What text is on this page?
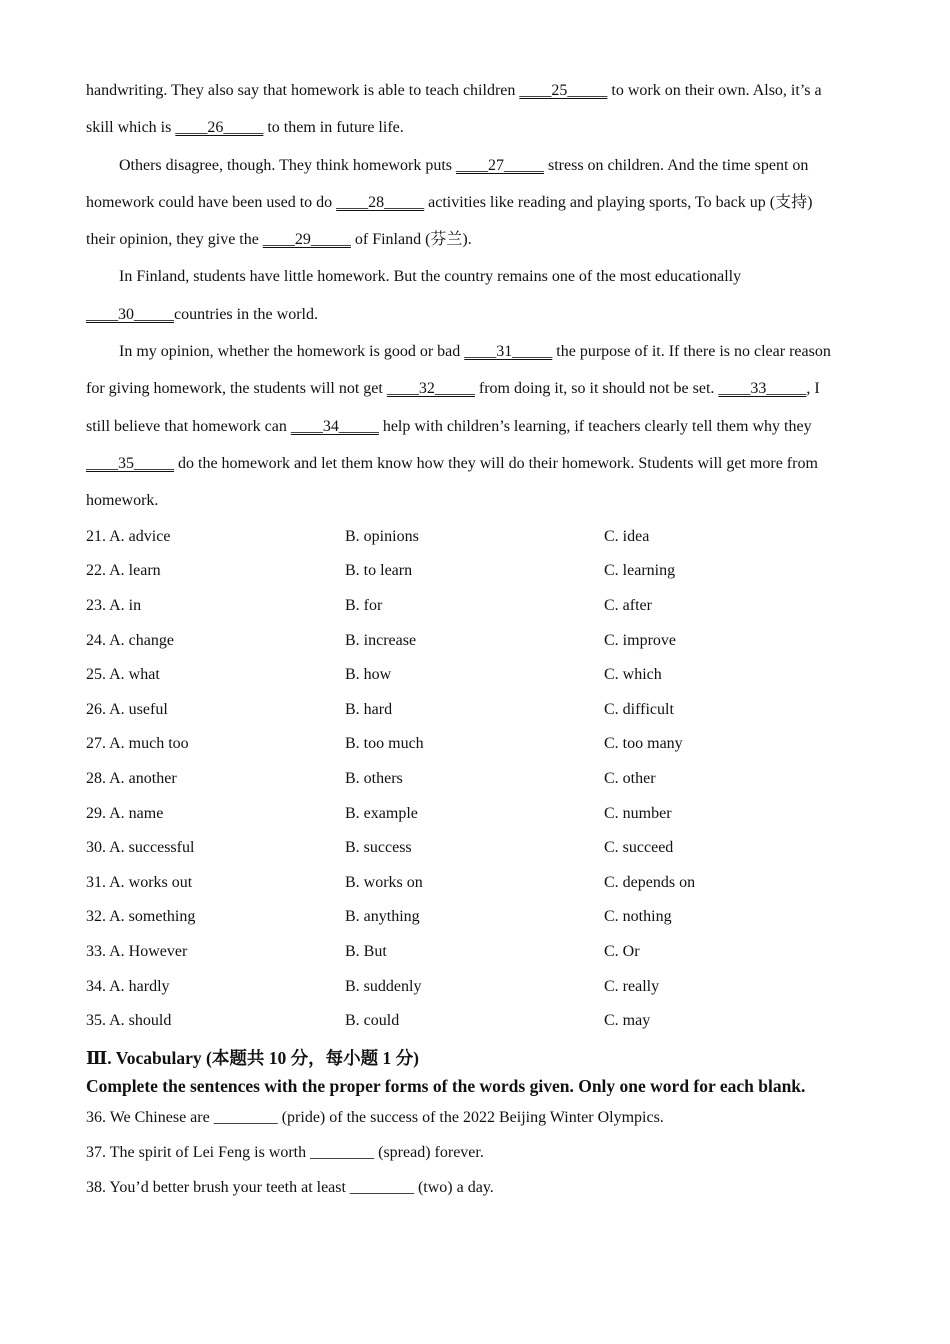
handwriting. They also say that homework is able to teach children ____25_____ to work on their own. Also, it’s a

skill which is ____26_____ to them in future life.

Others disagree, though. They think homework puts ____27_____ stress on children. And the time spent on

homework could have been used to do ____28_____ activities like reading and playing sports, To back up (支持)

their opinion, they give the ____29_____ of Finland (芬兰).

In Finland, students have little homework. But the country remains one of the most educationally

____30_____countries in the world.

In my opinion, whether the homework is good or bad ____31_____ the purpose of it. If there is no clear reason

for giving homework, the students will not get ____32_____ from doing it, so it should not be set. ____33_____, I

still believe that homework can ____34_____ help with children’s learning, if teachers clearly tell them why they

____35_____ do the homework and let them know how they will do their homework. Students will get more from

homework.

21. A. advice	B. opinions	C. idea
22. A. learn	B. to learn	C. learning
23. A. in	B. for	C. after
24. A. change	B. increase	C. improve
25. A. what	B. how	C. which
26. A. useful	B. hard	C. difficult
27. A. much too	B. too much	C. too many
28. A. another	B. others	C. other
29. A. name	B. example	C. number
30. A. successful	B. success	C. succeed
31. A. works out	B. works on	C. depends on
32. A. something	B. anything	C. nothing
33. A. However	B. But	C. Or
34. A. hardly	B. suddenly	C. really
35. A. should	B. could	C. may

Ⅲ. Vocabulary (本题共 10 分，每小题 1 分)

Complete the sentences with the proper forms of the words given. Only one word for each blank.

36. We Chinese are ________ (pride) of the success of the 2022 Beijing Winter Olympics.

37. The spirit of Lei Feng is worth ________ (spread) forever.

38. You’d better brush your teeth at least ________ (two) a day.
